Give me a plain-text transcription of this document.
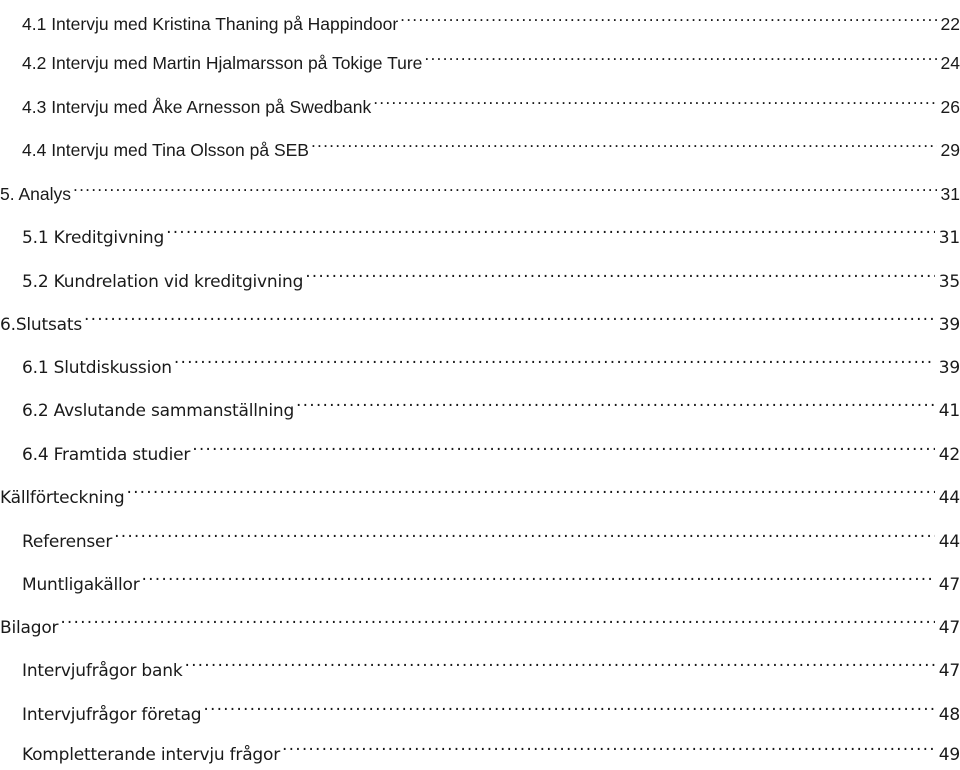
4.1 Intervju med Kristina Thaning på Happindoor .....	22
4.2 Intervju med Martin Hjalmarsson på Tokige Ture .....	24
4.3 Intervju med Åke Arnesson på Swedbank .....	26
4.4 Intervju med Tina Olsson på SEB .....	29
5. Analys .....	31
5.1 Kreditgivning .....	31
5.2 Kundrelation vid kreditgivning .....	35
6.Slutsats .....	39
6.1 Slutdiskussion .....	39
6.2 Avslutande sammanställning .....	41
6.4 Framtida studier .....	42
Källförteckning .....	44
Referenser .....	44
Muntligakällor .....	47
Bilagor .....	47
Intervjufrågor bank .....	47
Intervjufrågor företag .....	48
Kompletterande intervju frågor .....	49
